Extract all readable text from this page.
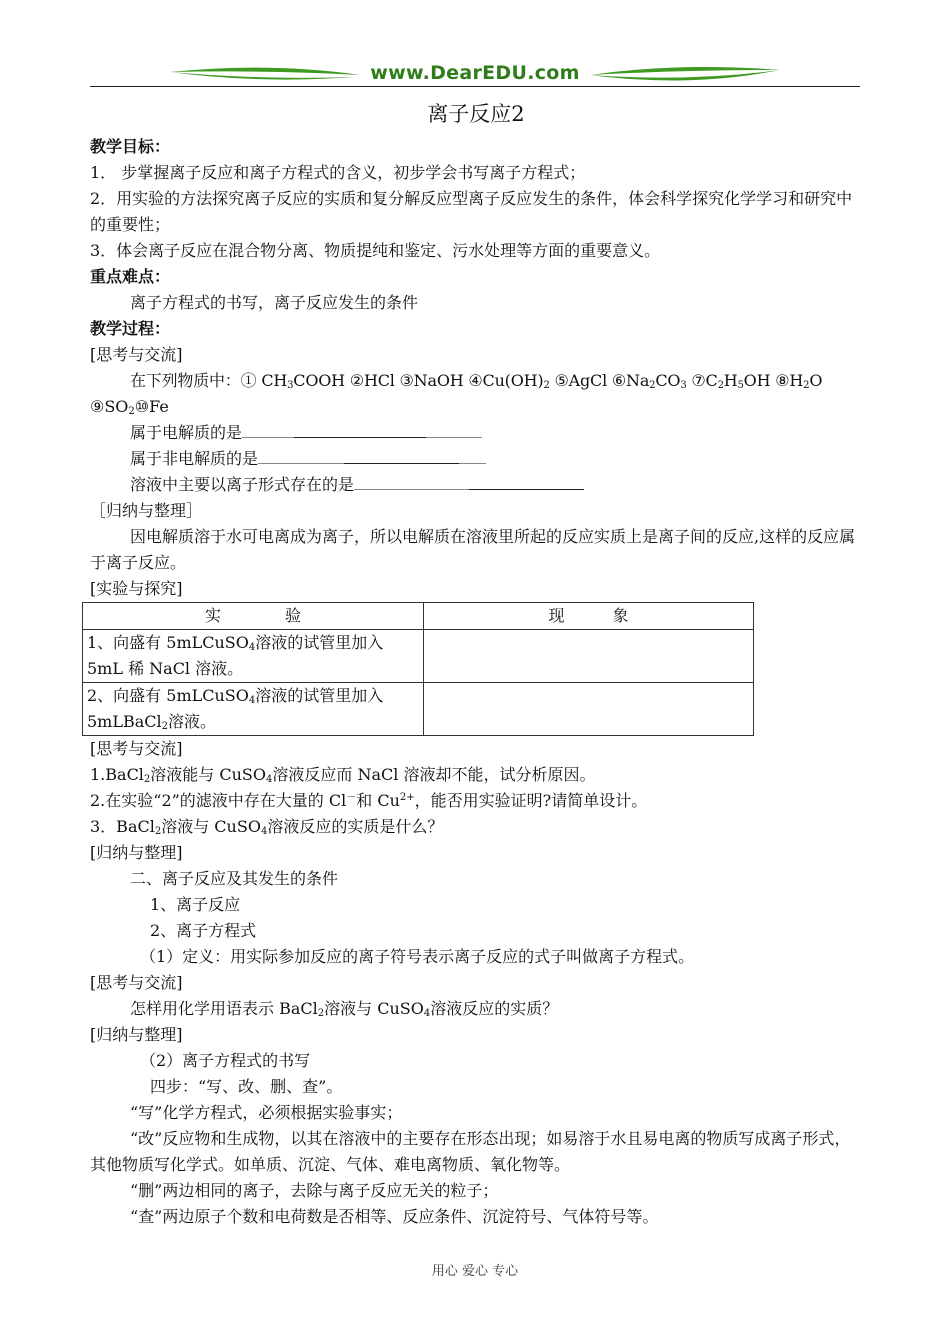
www.DearEDU.com
离子反应2
教学目标：
1． 步掌握离子反应和离子方程式的含义，初步学会书写离子方程式；
2．用实验的方法探究离子反应的实质和复分解反应型离子反应发生的条件，体会科学探究化学学习和研究中的重要性；
3．体会离子反应在混合物分离、物质提纯和鉴定、污水处理等方面的重要意义。
重点难点：
离子方程式的书写，离子反应发生的条件
教学过程：
[思考与交流]
在下列物质中：① $CH_3COOH$ ②HCl ③NaOH $④Cu(OH)_2$ ⑤AgCl $⑥Na_2CO_3$ $⑦C_2H_5OH$ $⑧H_2O$
$⑨SO_2⑩Fe$
属于电解质的是
属于非电解质的是
溶液中主要以离子形式存在的是
［归纳与整理］
因电解质溶于水可电离成为离子，所以电解质在溶液里所起的反应实质上是离子间的反应,这样的反应属于离子反应。
[实验与探究]
实　　　　验	现　　　象
1、向盛有 5mLCuSO$_4$溶液的试管里加入
5mL 稀 NaCl 溶液。	
2、向盛有 5mLCuSO$_4$溶液的试管里加入
5mLBaCl$_2$溶液。	
[思考与交流]
1.BaCl$_2$溶液能与 CuSO$_4$溶液反应而 NaCl 溶液却不能，试分析原因。
2.在实验“2”的滤液中存在大量的 Cl－和 $Cu^{2+}$，能否用实验证明?请简单设计。
3．BaCl$_2$溶液与 CuSO$_4$溶液反应的实质是什么？
[归纳与整理]
二、离子反应及其发生的条件
1、离子反应
2、离子方程式
（1）定义：用实际参加反应的离子符号表示离子反应的式子叫做离子方程式。
[思考与交流]
怎样用化学用语表示 BaCl$_2$溶液与 CuSO$_4$溶液反应的实质？
[归纳与整理]
（2）离子方程式的书写
四步：“写、改、删、查”。
“写”化学方程式，必须根据实验事实；
“改”反应物和生成物，以其在溶液中的主要存在形态出现；如易溶于水且易电离的物质写成离子形式，其他物质写化学式。如单质、沉淀、气体、难电离物质、氧化物等。
“删”两边相同的离子，去除与离子反应无关的粒子；
“查”两边原子个数和电荷数是否相等、反应条件、沉淀符号、气体符号等。
用心 爱心 专心
